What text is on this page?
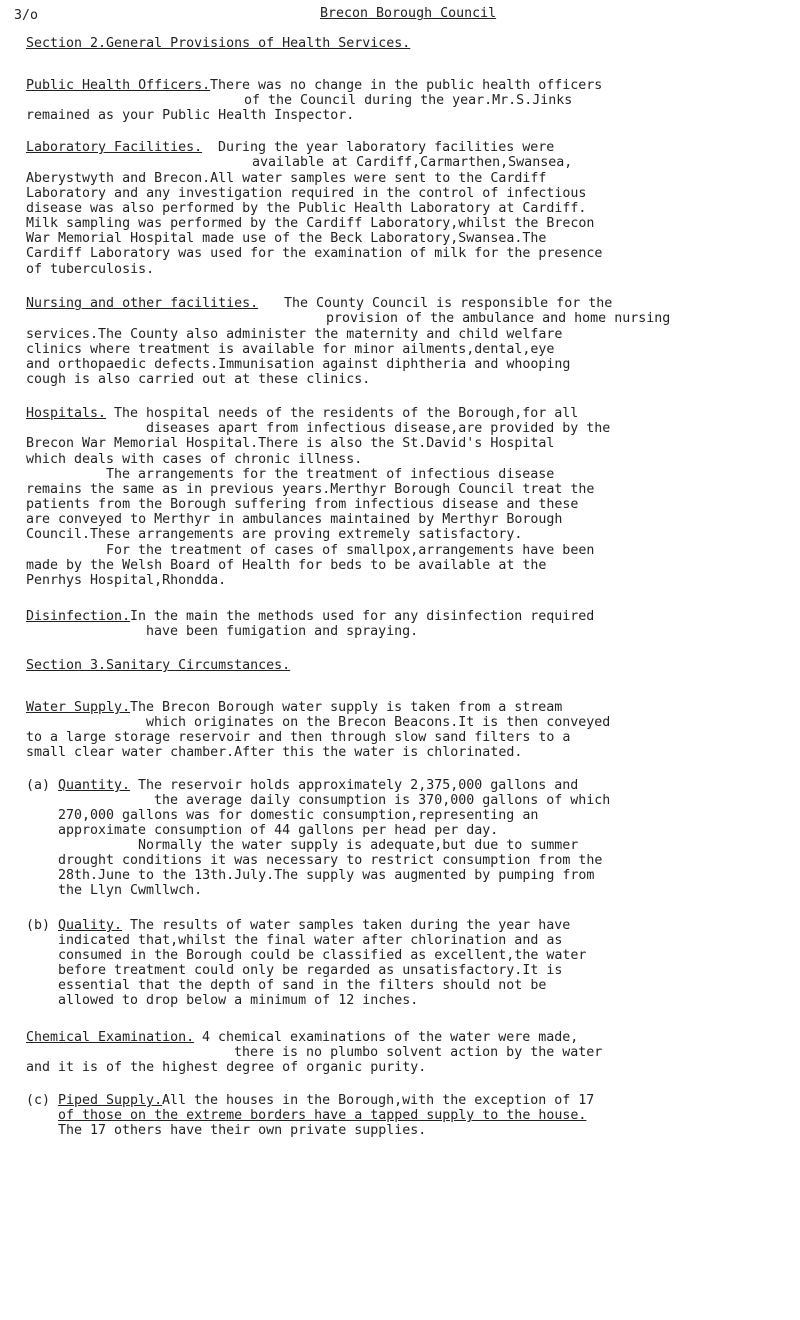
3/o	Brecon Borough Council
Section 2.General Provisions of Health Services.
Public Health Officers. There was no change in the public health officers
of the Council during the year.Mr.S.Jinks
remained as your Public Health Inspector.
Laboratory Facilities. During the year laboratory facilities were
available at Cardiff,Carmarthen,Swansea,
Aberystwyth and Brecon.All water samples were sent to the Cardiff
Laboratory and any investigation required in the control of infectious
disease was also performed by the Public Health Laboratory at Cardiff.
Milk sampling was performed by the Cardiff Laboratory,whilst the Brecon
War Memorial Hospital made use of the Beck Laboratory,Swansea.The
Cardiff Laboratory was used for the examination of milk for the presence
of tuberculosis.
Nursing and other facilities. The County Council is responsible for the
provision of the ambulance and home nursing
services.The County also administer the maternity and child welfare
clinics where treatment is available for minor ailments,dental,eye
and orthopaedic defects.Immunisation against diphtheria and whooping
cough is also carried out at these clinics.
Hospitals. The hospital needs of the residents of the Borough,for all
diseases apart from infectious disease,are provided by the
Brecon War Memorial Hospital.There is also the St.David's Hospital
which deals with cases of chronic illness.
The arrangements for the treatment of infectious disease
remains the same as in previous years.Merthyr Borough Council treat the
patients from the Borough suffering from infectious disease and these
are conveyed to Merthyr in ambulances maintained by Merthyr Borough
Council.These arrangements are proving extremely satisfactory.
For the treatment of cases of smallpox,arrangements have been
made by the Welsh Board of Health for beds to be available at the
Penrhys Hospital,Rhondda.
Disinfection. In the main the methods used for any disinfection required
have been fumigation and spraying.
Section 3.Sanitary Circumstances.
Water Supply. The Brecon Borough water supply is taken from a stream
which originates on the Brecon Beacons.It is then conveyed
to a large storage reservoir and then through slow sand filters to a
small clear water chamber.After this the water is chlorinated.
(a) Quantity. The reservoir holds approximately 2,375,000 gallons and
the average daily consumption is 370,000 gallons of which
270,000 gallons was for domestic consumption,representing an
approximate consumption of 44 gallons per head per day.
Normally the water supply is adequate,but due to summer
drought conditions it was necessary to restrict consumption from the
28th.June to the 13th.July.The supply was augmented by pumping from
the Llyn Cwmllwch.
(b) Quality. The results of water samples taken during the year have
indicated that,whilst the final water after chlorination and as
consumed in the Borough could be classified as excellent,the water
before treatment could only be regarded as unsatisfactory.It is
essential that the depth of sand in the filters should not be
allowed to drop below a minimum of 12 inches.
Chemical Examination. 4 chemical examinations of the water were made,
there is no plumbo solvent action by the water
and it is of the highest degree of organic purity.
(c) Piped Supply. All the houses in the Borough,with the exception of 17
of those on the extreme borders have a tapped supply to the house.
The 17 others have their own private supplies.
